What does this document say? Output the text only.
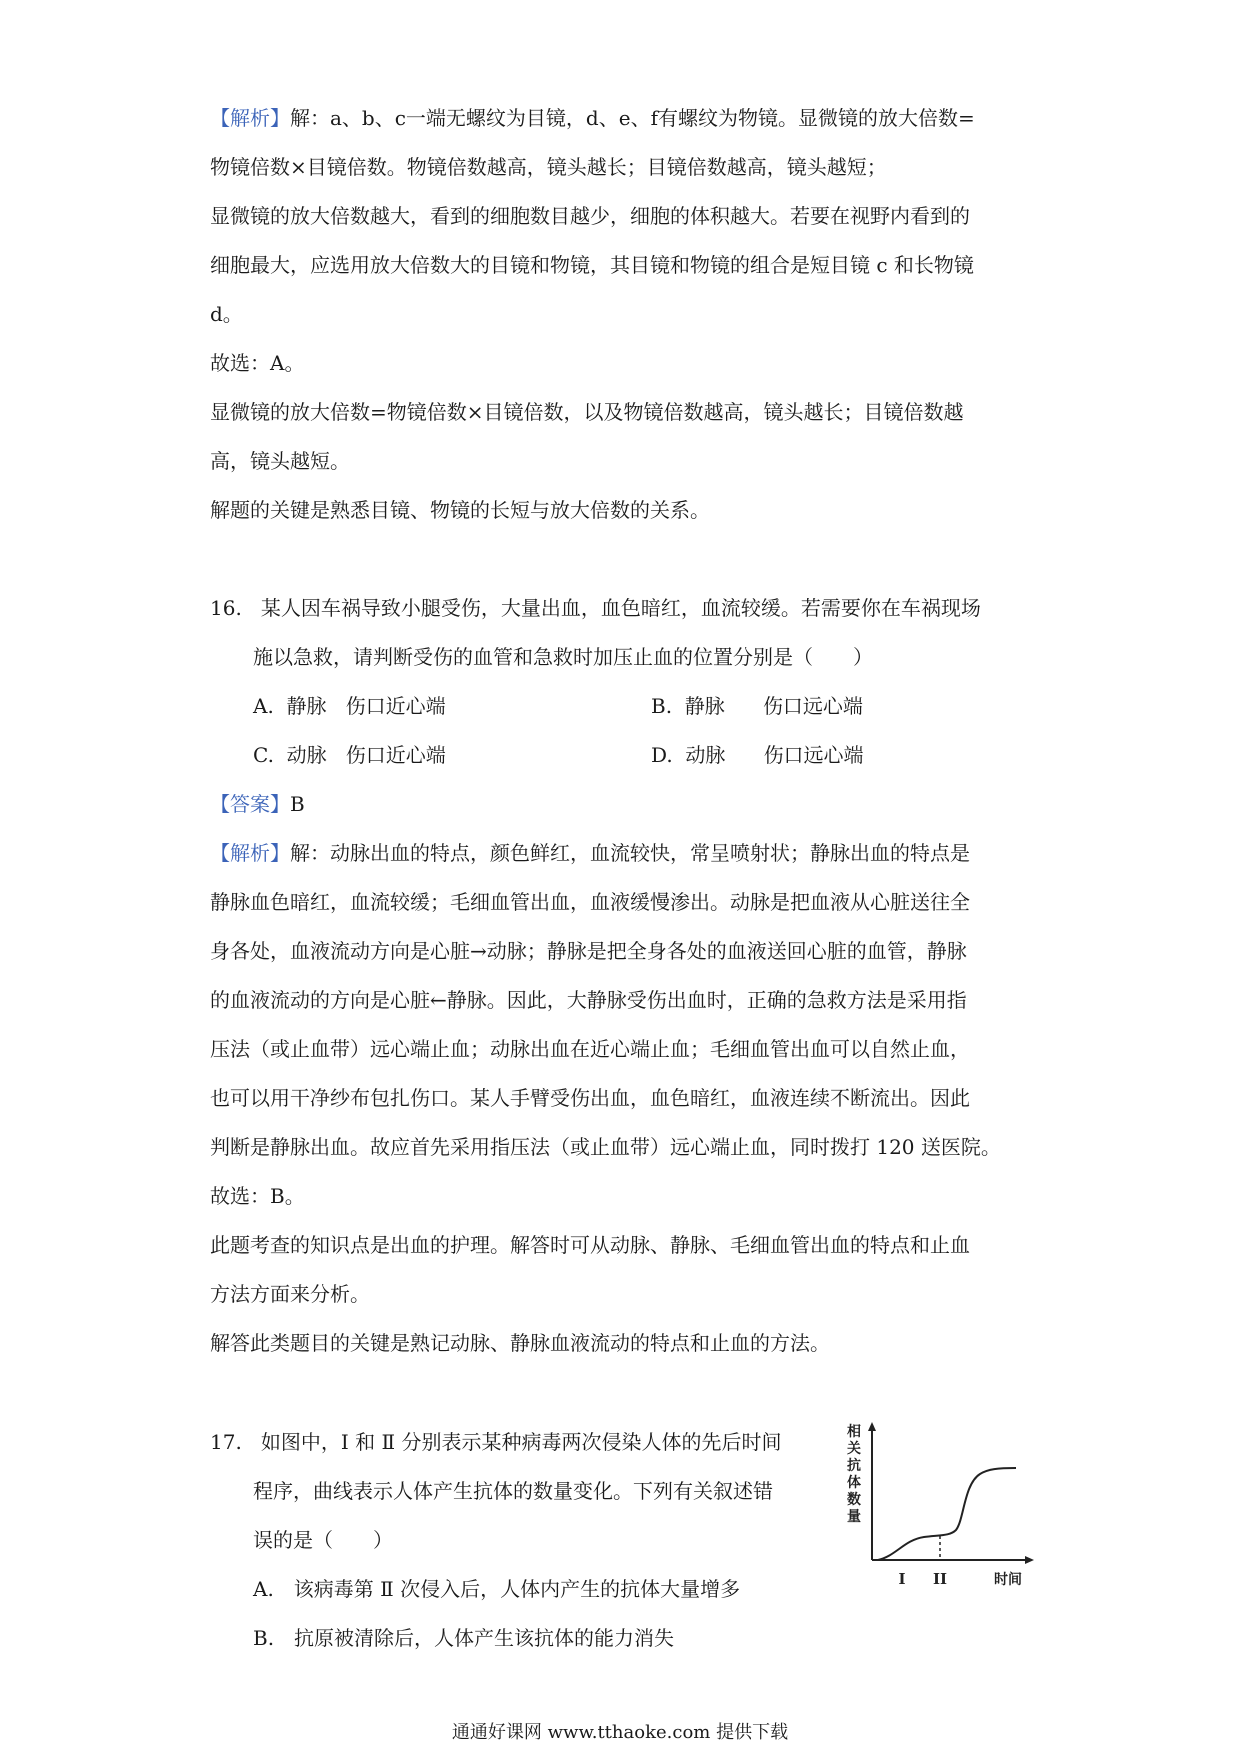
【解析】解：a、b、c一端无螺纹为目镜，d、e、f有螺纹为物镜。显微镜的放大倍数=
物镜倍数×目镜倍数。物镜倍数越高，镜头越长；目镜倍数越高，镜头越短；
显微镜的放大倍数越大，看到的细胞数目越少，细胞的体积越大。若要在视野内看到的
细胞最大，应选用放大倍数大的目镜和物镜，其目镜和物镜的组合是短目镜 c 和长物镜
d。
故选：A。
显微镜的放大倍数=物镜倍数×目镜倍数，以及物镜倍数越高，镜头越长；目镜倍数越
高，镜头越短。
解题的关键是熟悉目镜、物镜的长短与放大倍数的关系。
16. 某人因车祸导致小腿受伤，大量出血，血色暗红，血流较缓。若需要你在车祸现场
施以急救，请判断受伤的血管和急救时加压止血的位置分别是（　　）
A. 静脉 伤口近心端	B. 静脉 伤口远心端
C. 动脉 伤口近心端	D. 动脉 伤口远心端
【答案】B
【解析】解：动脉出血的特点，颜色鲜红，血流较快，常呈喷射状；静脉出血的特点是
静脉血色暗红，血流较缓；毛细血管出血，血液缓慢渗出。动脉是把血液从心脏送往全
身各处，血液流动方向是心脏→动脉；静脉是把全身各处的血液送回心脏的血管，静脉
的血液流动的方向是心脏←静脉。因此，大静脉受伤出血时，正确的急救方法是采用指
压法（或止血带）远心端止血；动脉出血在近心端止血；毛细血管出血可以自然止血，
也可以用干净纱布包扎伤口。某人手臂受伤出血，血色暗红，血液连续不断流出。因此
判断是静脉出血。故应首先采用指压法（或止血带）远心端止血，同时拨打 120 送医院。
故选：B。
此题考查的知识点是出血的护理。解答时可从动脉、静脉、毛细血管出血的特点和止血
方法方面来分析。
解答此类题目的关键是熟记动脉、静脉血液流动的特点和止血的方法。
17. 如图中，I 和 Ⅱ 分别表示某种病毒两次侵染人体的先后时间
程序，曲线表示人体产生抗体的数量变化。下列有关叙述错
误的是（　　）
A.　该病毒第 Ⅱ 次侵入后，人体内产生的抗体大量增多
B.　抗原被清除后，人体产生该抗体的能力消失
相关抗体数量
I II	时间
通通好课网 www.tthaoke.com 提供下载
